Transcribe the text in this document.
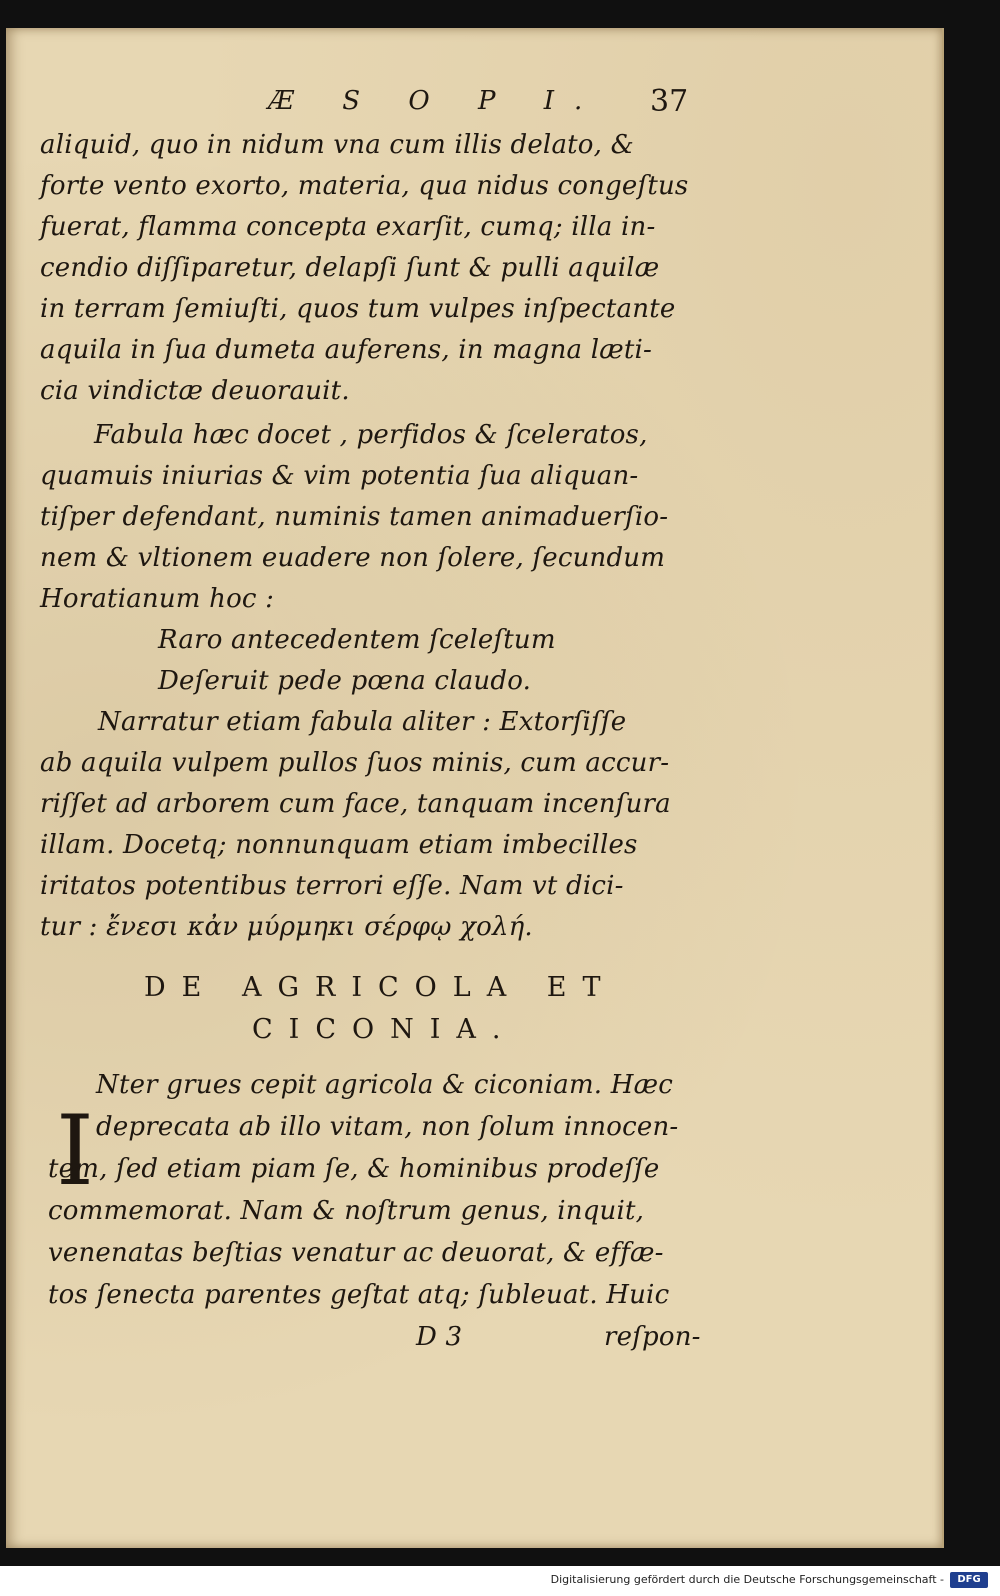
Æ S O P I. 37
aliquid, quo in nidum vna cum illis delato, &
forte vento exorto, materia, qua nidus congeſtus
fuerat, flamma concepta exarſit, cumq; illa in-
cendio diſſiparetur, delapſi ſunt & pulli aquilæ
in terram ſemiuſti, quos tum vulpes inſpectante
aquila in ſua dumeta auferens, in magna læti-
cia vindictæ deuorauit.
Fabula hæc docet , perfidos & ſceleratos,
quamuis iniurias & vim potentia ſua aliquan-
tiſper defendant, numinis tamen animaduerſio-
nem & vltionem euadere non ſolere, ſecundum
Horatianum hoc :
Raro antecedentem ſceleſtum
Deſeruit pede pœna claudo.
Narratur etiam fabula aliter : Extorſiſſe
ab aquila vulpem pullos ſuos minis, cum accur-
riſſet ad arborem cum face, tanquam incenſura
illam. Docetq; nonnunquam etiam imbecilles
iritatos potentibus terrori eſſe. Nam vt dici-
tur : ἔνεσι κἀν μύρμηκι σέρφῳ χολή.
DE AGRICOLA ET
CICONIA.
I
Nter grues cepit agricola & ciconiam. Hæc
deprecata ab illo vitam, non ſolum innocen-
tem, ſed etiam piam ſe, & hominibus prodeſſe
commemorat. Nam & noſtrum genus, inquit,
venenatas beſtias venatur ac deuorat, & effæ-
tos ſenecta parentes geſtat atq; ſubleuat. Huic
D 3	reſpon-
Digitalisierung gefördert durch die Deutsche Forschungsgemeinschaft -	DFG
